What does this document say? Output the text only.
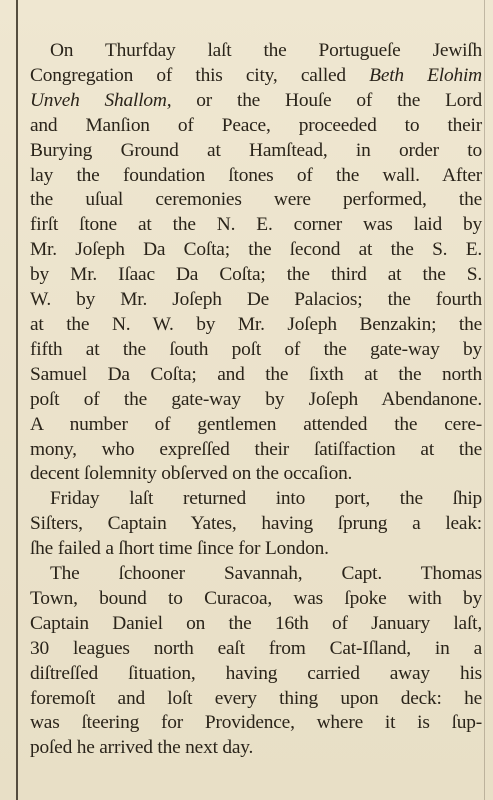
On Thurfday laſt the Portugueſe Jewiſh
Congregation of this city, called Beth Elohim
Unveh Shallom, or the Houſe of the Lord
and Manſion of Peace, proceeded to their
Burying Ground at Hamſtead, in order to
lay the foundation ſtones of the wall. After
the uſual ceremonies were performed, the
firſt ſtone at the N. E. corner was laid by
Mr. Joſeph Da Coſta; the ſecond at the S. E.
by Mr. Iſaac Da Coſta; the third at the S.
W. by Mr. Joſeph De Palacios; the fourth
at the N. W. by Mr. Joſeph Benzakin; the
fifth at the ſouth poſt of the gate-way by
Samuel Da Coſta; and the ſixth at the north
poſt of the gate-way by Joſeph Abendanone.
A number of gentlemen attended the cere-
mony, who expreſſed their ſatiſfaction at the
decent ſolemnity obſerved on the occaſion.

Friday laſt returned into port, the ſhip
Siſters, Captain Yates, having ſprung a leak:
ſhe failed a ſhort time ſince for London.

The ſchooner Savannah, Capt. Thomas
Town, bound to Curacoa, was ſpoke with by
Captain Daniel on the 16th of January laſt,
30 leagues north eaſt from Cat-Iſland, in a
diſtreſſed ſituation, having carried away his
foremoſt and loſt every thing upon deck: he
was ſteering for Providence, where it is ſup-
poſed he arrived the next day.
